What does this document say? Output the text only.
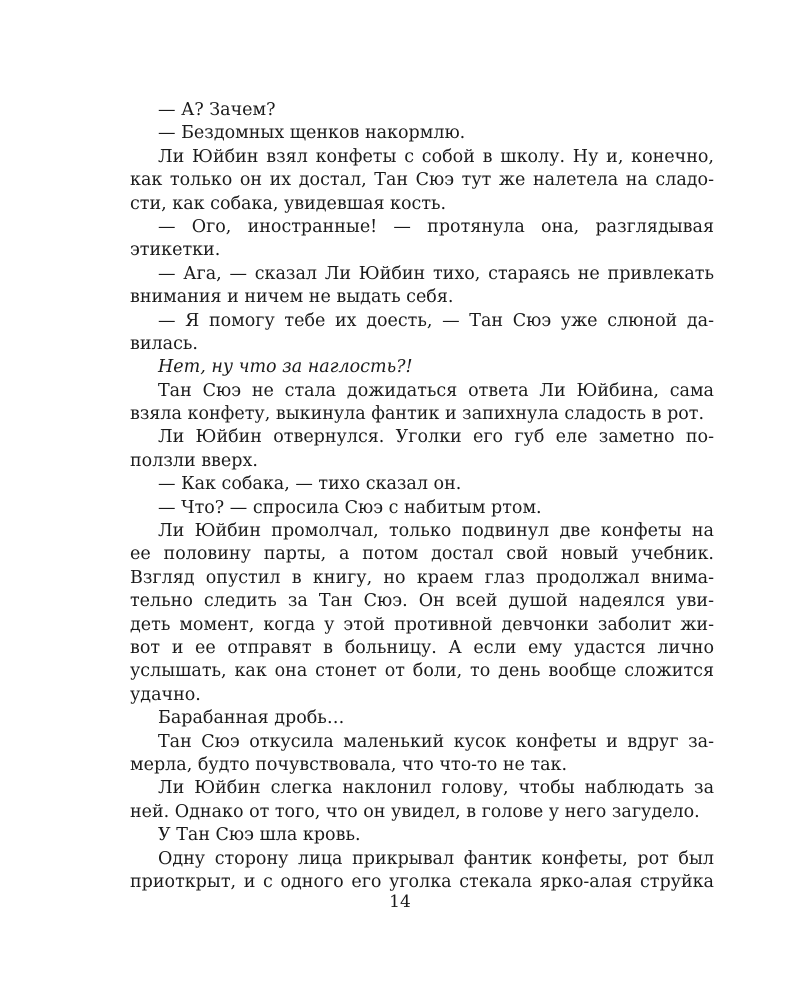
— А? Зачем?
— Бездомных щенков накормлю.
Ли Юйбин взял конфеты с собой в школу. Ну и, конечно,
как только он их достал, Тан Сюэ тут же налетела на сладо-
сти, как собака, увидевшая кость.
— Ого, иностранные! — протянула она, разглядывая
этикетки.
— Ага, — сказал Ли Юйбин тихо, стараясь не привлекать
внимания и ничем не выдать себя.
— Я помогу тебе их доесть, — Тан Сюэ уже слюной да-
вилась.
Нет, ну что за наглость?!
Тан Сюэ не стала дожидаться ответа Ли Юйбина, сама
взяла конфету, выкинула фантик и запихнула сладость в рот.
Ли Юйбин отвернулся. Уголки его губ еле заметно по-
ползли вверх.
— Как собака, — тихо сказал он.
— Что? — спросила Сюэ с набитым ртом.
Ли Юйбин промолчал, только подвинул две конфеты на
ее половину парты, а потом достал свой новый учебник.
Взгляд опустил в книгу, но краем глаз продолжал внима-
тельно следить за Тан Сюэ. Он всей душой надеялся уви-
деть момент, когда у этой противной девчонки заболит жи-
вот и ее отправят в больницу. А если ему удастся лично
услышать, как она стонет от боли, то день вообще сложится
удачно.
Барабанная дробь…
Тан Сюэ откусила маленький кусок конфеты и вдруг за-
мерла, будто почувствовала, что что-то не так.
Ли Юйбин слегка наклонил голову, чтобы наблюдать за
ней. Однако от того, что он увидел, в голове у него загудело.
У Тан Сюэ шла кровь.
Одну сторону лица прикрывал фантик конфеты, рот был
приоткрыт, и с одного его уголка стекала ярко-алая струйка
14
